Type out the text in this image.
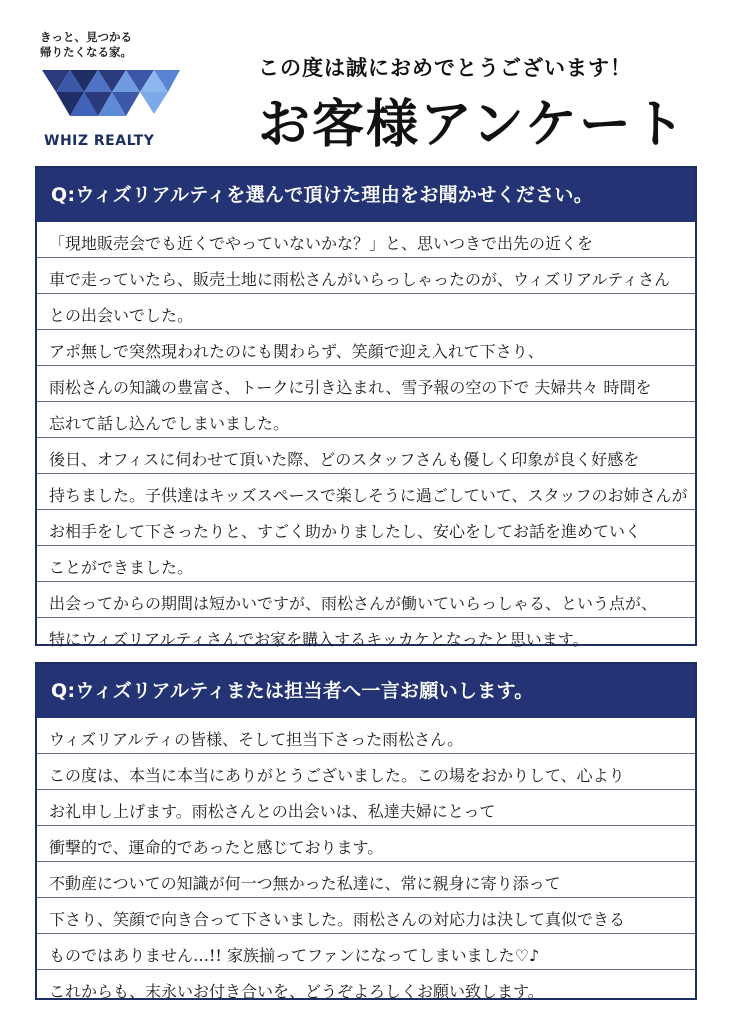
きっと、見つかる

帰りたくなる家。

WHIZ REALTY
この度は誠におめでとうございます！
お客様アンケート
Q:ウィズリアルティを選んで頂けた理由をお聞かせください。
「現地販売会でも近くでやっていないかな？」と、思いつきで出先の近くを
車で走っていたら、販売土地に雨松さんがいらっしゃったのが、ウィズリアルティさん
との出会いでした。
アポ無しで突然現われたのにも関わらず、笑顔で迎え入れて下さり、
雨松さんの知識の豊富さ、トークに引き込まれ、雪予報の空の下で 夫婦共々 時間を
忘れて話し込んでしまいました。
後日、オフィスに伺わせて頂いた際、どのスタッフさんも優しく印象が良く好感を
持ちました。子供達はキッズスペースで楽しそうに過ごしていて、スタッフのお姉さんが
お相手をして下さったりと、すごく助かりましたし、安心をしてお話を進めていく
ことができました。
出会ってからの期間は短かいですが、雨松さんが働いていらっしゃる、という点が、
特にウィズリアルティさんでお家を購入するキッカケとなったと思います。
Q:ウィズリアルティまたは担当者へ一言お願いします。
ウィズリアルティの皆様、そして担当下さった雨松さん。
この度は、本当に本当にありがとうございました。この場をおかりして、心より
お礼申し上げます。雨松さんとの出会いは、私達夫婦にとって
衝撃的で、運命的であったと感じております。
不動産についての知識が何一つ無かった私達に、常に親身に寄り添って
下さり、笑顔で向き合って下さいました。雨松さんの対応力は決して真似できる
ものではありません…!! 家族揃ってファンになってしまいました♡♪
これからも、末永いお付き合いを、どうぞよろしくお願い致します。
